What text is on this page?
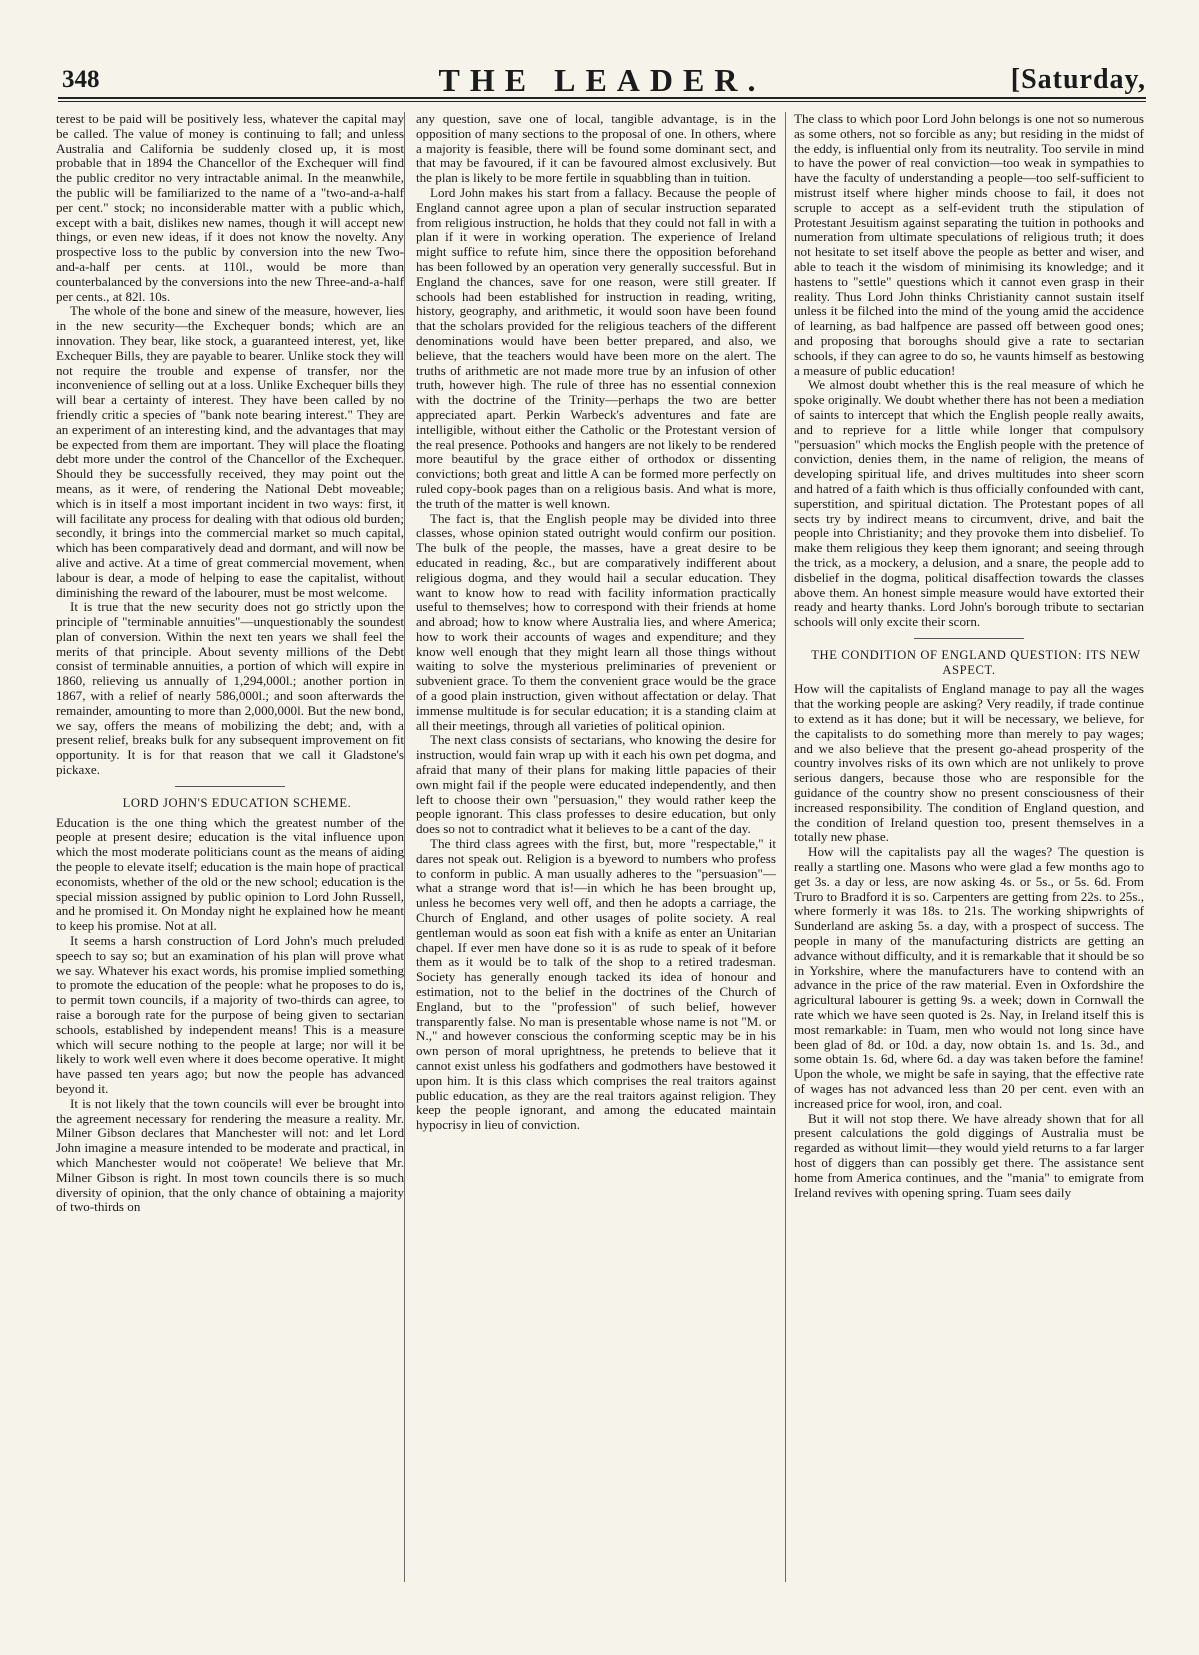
348	THE LEADER.	[Saturday,

terest to be paid will be positively less, whatever the capital may be called. The value of money is continuing to fall; and unless Australia and California be suddenly closed up, it is most probable that in 1894 the Chancellor of the Exchequer will find the public creditor no very intractable animal. In the meanwhile, the public will be familiarized to the name of a "two-and-a-half per cent." stock; no inconsiderable matter with a public which, except with a bait, dislikes new names, though it will accept new things, or even new ideas, if it does not know the novelty. Any prospective loss to the public by conversion into the new Two-and-a-half per cents. at 110l., would be more than counterbalanced by the conversions into the new Three-and-a-half per cents., at 82l. 10s.

The whole of the bone and sinew of the measure, however, lies in the new security—the Exchequer bonds; which are an innovation. They bear, like stock, a guaranteed interest, yet, like Exchequer Bills, they are payable to bearer. Unlike stock they will not require the trouble and expense of transfer, nor the inconvenience of selling out at a loss. Unlike Exchequer bills they will bear a certainty of interest. They have been called by no friendly critic a species of "bank note bearing interest." They are an experiment of an interesting kind, and the advantages that may be expected from them are important. They will place the floating debt more under the control of the Chancellor of the Exchequer. Should they be successfully received, they may point out the means, as it were, of rendering the National Debt moveable; which is in itself a most important incident in two ways: first, it will facilitate any process for dealing with that odious old burden; secondly, it brings into the commercial market so much capital, which has been comparatively dead and dormant, and will now be alive and active. At a time of great commercial movement, when labour is dear, a mode of helping to ease the capitalist, without diminishing the reward of the labourer, must be most welcome.

It is true that the new security does not go strictly upon the principle of "terminable annuities"—unquestionably the soundest plan of conversion. Within the next ten years we shall feel the merits of that principle. About seventy millions of the Debt consist of terminable annuities, a portion of which will expire in 1860, relieving us annually of 1,294,000l.; another portion in 1867, with a relief of nearly 586,000l.; and soon afterwards the remainder, amounting to more than 2,000,000l. But the new bond, we say, offers the means of mobilizing the debt; and, with a present relief, breaks bulk for any subsequent improvement on fit opportunity. It is for that reason that we call it Gladstone's pickaxe.

LORD JOHN'S EDUCATION SCHEME.

Education is the one thing which the greatest number of the people at present desire; education is the vital influence upon which the most moderate politicians count as the means of aiding the people to elevate itself; education is the main hope of practical economists, whether of the old or the new school; education is the special mission assigned by public opinion to Lord John Russell, and he promised it. On Monday night he explained how he meant to keep his promise. Not at all.

It seems a harsh construction of Lord John's much preluded speech to say so; but an examination of his plan will prove what we say. Whatever his exact words, his promise implied something to promote the education of the people: what he proposes to do is, to permit town councils, if a majority of two-thirds can agree, to raise a borough rate for the purpose of being given to sectarian schools, established by independent means! This is a measure which will secure nothing to the people at large; nor will it be likely to work well even where it does become operative. It might have passed ten years ago; but now the people has advanced beyond it.

It is not likely that the town councils will ever be brought into the agreement necessary for rendering the measure a reality. Mr. Milner Gibson declares that Manchester will not: and let Lord John imagine a measure intended to be moderate and practical, in which Manchester would not coöperate! We believe that Mr. Milner Gibson is right. In most town councils there is so much diversity of opinion, that the only chance of obtaining a majority of two-thirds on

any question, save one of local, tangible advantage, is in the opposition of many sections to the proposal of one. In others, where a majority is feasible, there will be found some dominant sect, and that may be favoured, if it can be favoured almost exclusively. But the plan is likely to be more fertile in squabbling than in tuition.

Lord John makes his start from a fallacy. Because the people of England cannot agree upon a plan of secular instruction separated from religious instruction, he holds that they could not fall in with a plan if it were in working operation. The experience of Ireland might suffice to refute him, since there the opposition beforehand has been followed by an operation very generally successful. But in England the chances, save for one reason, were still greater. If schools had been established for instruction in reading, writing, history, geography, and arithmetic, it would soon have been found that the scholars provided for the religious teachers of the different denominations would have been better prepared, and also, we believe, that the teachers would have been more on the alert. The truths of arithmetic are not made more true by an infusion of other truth, however high. The rule of three has no essential connexion with the doctrine of the Trinity—perhaps the two are better appreciated apart. Perkin Warbeck's adventures and fate are intelligible, without either the Catholic or the Protestant version of the real presence. Pothooks and hangers are not likely to be rendered more beautiful by the grace either of orthodox or dissenting convictions; both great and little A can be formed more perfectly on ruled copy-book pages than on a religious basis. And what is more, the truth of the matter is well known.

The fact is, that the English people may be divided into three classes, whose opinion stated outright would confirm our position. The bulk of the people, the masses, have a great desire to be educated in reading, &c., but are comparatively indifferent about religious dogma, and they would hail a secular education. They want to know how to read with facility information practically useful to themselves; how to correspond with their friends at home and abroad; how to know where Australia lies, and where America; how to work their accounts of wages and expenditure; and they know well enough that they might learn all those things without waiting to solve the mysterious preliminaries of prevenient or subvenient grace. To them the convenient grace would be the grace of a good plain instruction, given without affectation or delay. That immense multitude is for secular education; it is a standing claim at all their meetings, through all varieties of political opinion.

The next class consists of sectarians, who knowing the desire for instruction, would fain wrap up with it each his own pet dogma, and afraid that many of their plans for making little papacies of their own might fail if the people were educated independently, and then left to choose their own "persuasion," they would rather keep the people ignorant. This class professes to desire education, but only does so not to contradict what it believes to be a cant of the day.

The third class agrees with the first, but, more "respectable," it dares not speak out. Religion is a byeword to numbers who profess to conform in public. A man usually adheres to the "persuasion"—what a strange word that is!—in which he has been brought up, unless he becomes very well off, and then he adopts a carriage, the Church of England, and other usages of polite society. A real gentleman would as soon eat fish with a knife as enter an Unitarian chapel. If ever men have done so it is as rude to speak of it before them as it would be to talk of the shop to a retired tradesman. Society has generally enough tacked its idea of honour and estimation, not to the belief in the doctrines of the Church of England, but to the "profession" of such belief, however transparently false. No man is presentable whose name is not "M. or N.," and however conscious the conforming sceptic may be in his own person of moral uprightness, he pretends to believe that it cannot exist unless his godfathers and godmothers have bestowed it upon him. It is this class which comprises the real traitors against public education, as they are the real traitors against religion. They keep the people ignorant, and among the educated maintain hypocrisy in lieu of conviction.

The class to which poor Lord John belongs is one not so numerous as some others, not so forcible as any; but residing in the midst of the eddy, is influential only from its neutrality. Too servile in mind to have the power of real conviction—too weak in sympathies to have the faculty of understanding a people—too self-sufficient to mistrust itself where higher minds choose to fail, it does not scruple to accept as a self-evident truth the stipulation of Protestant Jesuitism against separating the tuition in pothooks and numeration from ultimate speculations of religious truth; it does not hesitate to set itself above the people as better and wiser, and able to teach it the wisdom of minimising its knowledge; and it hastens to "settle" questions which it cannot even grasp in their reality. Thus Lord John thinks Christianity cannot sustain itself unless it be filched into the mind of the young amid the accidence of learning, as bad halfpence are passed off between good ones; and proposing that boroughs should give a rate to sectarian schools, if they can agree to do so, he vaunts himself as bestowing a measure of public education!

We almost doubt whether this is the real measure of which he spoke originally. We doubt whether there has not been a mediation of saints to intercept that which the English people really awaits, and to reprieve for a little while longer that compulsory "persuasion" which mocks the English people with the pretence of conviction, denies them, in the name of religion, the means of developing spiritual life, and drives multitudes into sheer scorn and hatred of a faith which is thus officially confounded with cant, superstition, and spiritual dictation. The Protestant popes of all sects try by indirect means to circumvent, drive, and bait the people into Christianity; and they provoke them into disbelief. To make them religious they keep them ignorant; and seeing through the trick, as a mockery, a delusion, and a snare, the people add to disbelief in the dogma, political disaffection towards the classes above them. An honest simple measure would have extorted their ready and hearty thanks. Lord John's borough tribute to sectarian schools will only excite their scorn.

THE CONDITION OF ENGLAND QUESTION: ITS NEW ASPECT.

How will the capitalists of England manage to pay all the wages that the working people are asking? Very readily, if trade continue to extend as it has done; but it will be necessary, we believe, for the capitalists to do something more than merely to pay wages; and we also believe that the present go-ahead prosperity of the country involves risks of its own which are not unlikely to prove serious dangers, because those who are responsible for the guidance of the country show no present consciousness of their increased responsibility. The condition of England question, and the condition of Ireland question too, present themselves in a totally new phase.

How will the capitalists pay all the wages? The question is really a startling one. Masons who were glad a few months ago to get 3s. a day or less, are now asking 4s. or 5s., or 5s. 6d. From Truro to Bradford it is so. Carpenters are getting from 22s. to 25s., where formerly it was 18s. to 21s. The working shipwrights of Sunderland are asking 5s. a day, with a prospect of success. The people in many of the manufacturing districts are getting an advance without difficulty, and it is remarkable that it should be so in Yorkshire, where the manufacturers have to contend with an advance in the price of the raw material. Even in Oxfordshire the agricultural labourer is getting 9s. a week; down in Cornwall the rate which we have seen quoted is 2s. Nay, in Ireland itself this is most remarkable: in Tuam, men who would not long since have been glad of 8d. or 10d. a day, now obtain 1s. and 1s. 3d., and some obtain 1s. 6d, where 6d. a day was taken before the famine! Upon the whole, we might be safe in saying, that the effective rate of wages has not advanced less than 20 per cent. even with an increased price for wool, iron, and coal.

But it will not stop there. We have already shown that for all present calculations the gold diggings of Australia must be regarded as without limit—they would yield returns to a far larger host of diggers than can possibly get there. The assistance sent home from America continues, and the "mania" to emigrate from Ireland revives with opening spring. Tuam sees daily
